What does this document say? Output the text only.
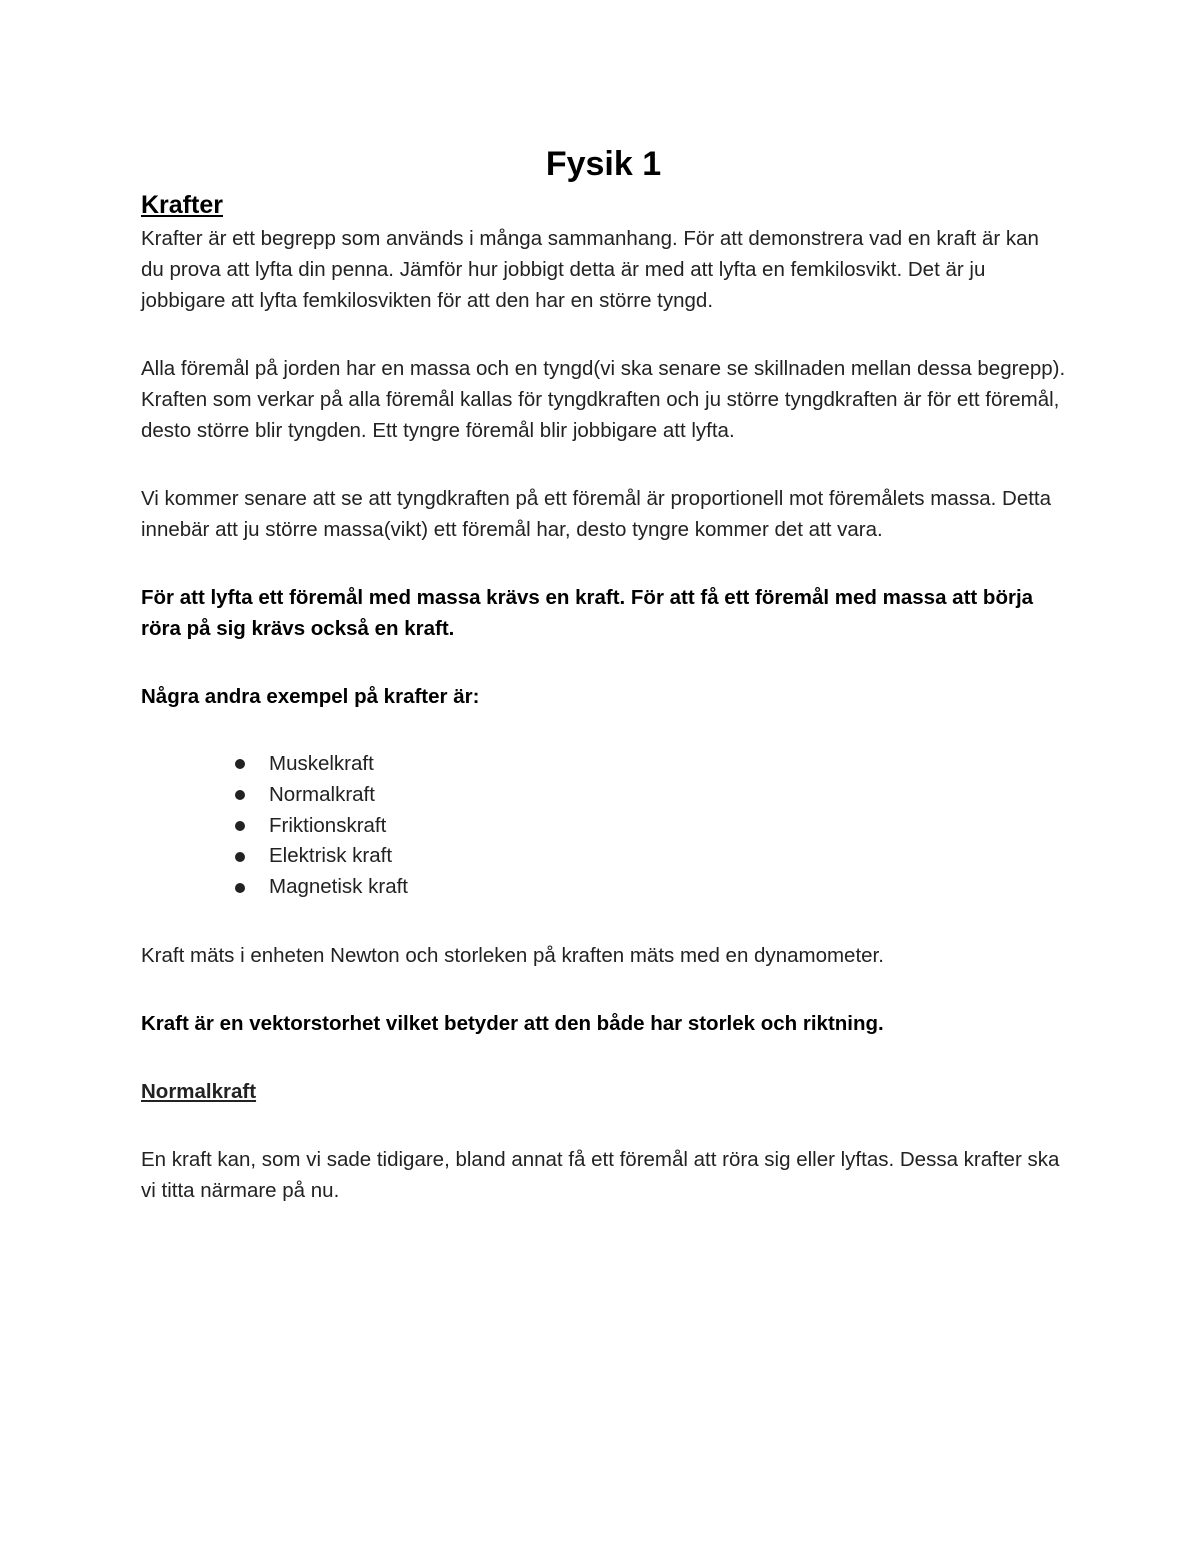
Fysik 1
Krafter

Krafter är ett begrepp som används i många sammanhang. För att demonstrera vad en kraft är kan du prova att lyfta din penna. Jämför hur jobbigt detta är med att lyfta en femkilosvikt. Det är ju jobbigare att lyfta femkilosvikten för att den har en större tyngd.

Alla föremål på jorden har en massa och en tyngd(vi ska senare se skillnaden mellan dessa begrepp). Kraften som verkar på alla föremål kallas för tyngdkraften och ju större tyngdkraften är för ett föremål, desto större blir tyngden. Ett tyngre föremål blir jobbigare att lyfta.

Vi kommer senare att se att tyngdkraften på ett föremål är proportionell mot föremålets massa. Detta innebär att ju större massa(vikt) ett föremål har, desto tyngre kommer det att vara.

För att lyfta ett föremål med massa krävs en kraft. För att få ett föremål med massa att börja röra på sig krävs också en kraft.

Några andra exempel på krafter är:

Muskelkraft
Normalkraft
Friktionskraft
Elektrisk kraft
Magnetisk kraft

Kraft mäts i enheten Newton och storleken på kraften mäts med en dynamometer.

Kraft är en vektorstorhet vilket betyder att den både har storlek och riktning.

Normalkraft

En kraft kan, som vi sade tidigare, bland annat få ett föremål att röra sig eller lyftas. Dessa krafter ska vi titta närmare på nu.
